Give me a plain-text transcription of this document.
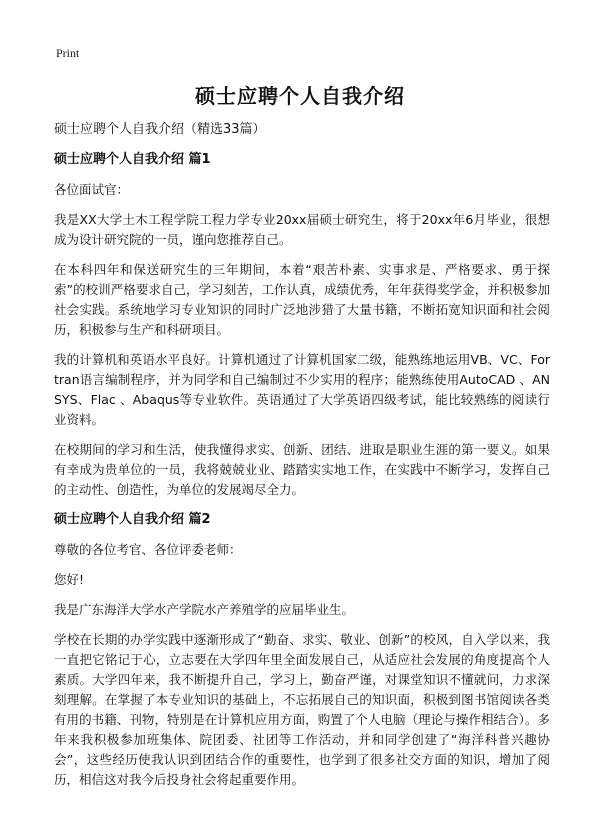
Print
硕士应聘个人自我介绍
硕士应聘个人自我介绍（精选33篇）
硕士应聘个人自我介绍 篇1
各位面试官：
我是XX大学土木工程学院工程力学专业20xx届硕士研究生，将于20xx年6月毕业，很想成为设计研究院的一员，谨向您推荐自己。
在本科四年和保送研究生的三年期间，本着“艰苦朴素、实事求是、严格要求、勇于探索”的校训严格要求自己，学习刻苦，工作认真，成绩优秀，年年获得奖学金，并积极参加社会实践。系统地学习专业知识的同时广泛地涉猎了大量书籍，不断拓宽知识面和社会阅历，积极参与生产和科研项目。
我的计算机和英语水平良好。计算机通过了计算机国家二级，能熟练地运用VB、VC、Fortran语言编制程序，并为同学和自己编制过不少实用的程序；能熟练使用AutoCAD 、ANSYS、Flac 、Abaqus等专业软件。英语通过了大学英语四级考试，能比较熟练的阅读行业资料。
在校期间的学习和生活，使我懂得求实、创新、团结、进取是职业生涯的第一要义。如果有幸成为贵单位的一员，我将兢兢业业、踏踏实实地工作，在实践中不断学习，发挥自己的主动性、创造性，为单位的发展竭尽全力。
硕士应聘个人自我介绍 篇2
尊敬的各位考官、各位评委老师：
您好!
我是广东海洋大学水产学院水产养殖学的应届毕业生。
学校在长期的办学实践中逐渐形成了“勤奋、求实、敬业、创新”的校风，自入学以来，我一直把它铭记于心，立志要在大学四年里全面发展自己，从适应社会发展的角度提高个人素质。大学四年来，我不断提升自己，学习上，勤奋严谨，对课堂知识不懂就问，力求深刻理解。在掌握了本专业知识的基础上，不忘拓展自己的知识面，积极到图书馆阅读各类有用的书籍、刊物，特别是在计算机应用方面，购置了个人电脑（理论与操作相结合）。多年来我积极参加班集体、院团委、社团等工作活动，并和同学创建了“海洋科普兴趣协会”，这些经历使我认识到团结合作的重要性，也学到了很多社交方面的知识，增加了阅历，相信这对我今后投身社会将起重要作用。
